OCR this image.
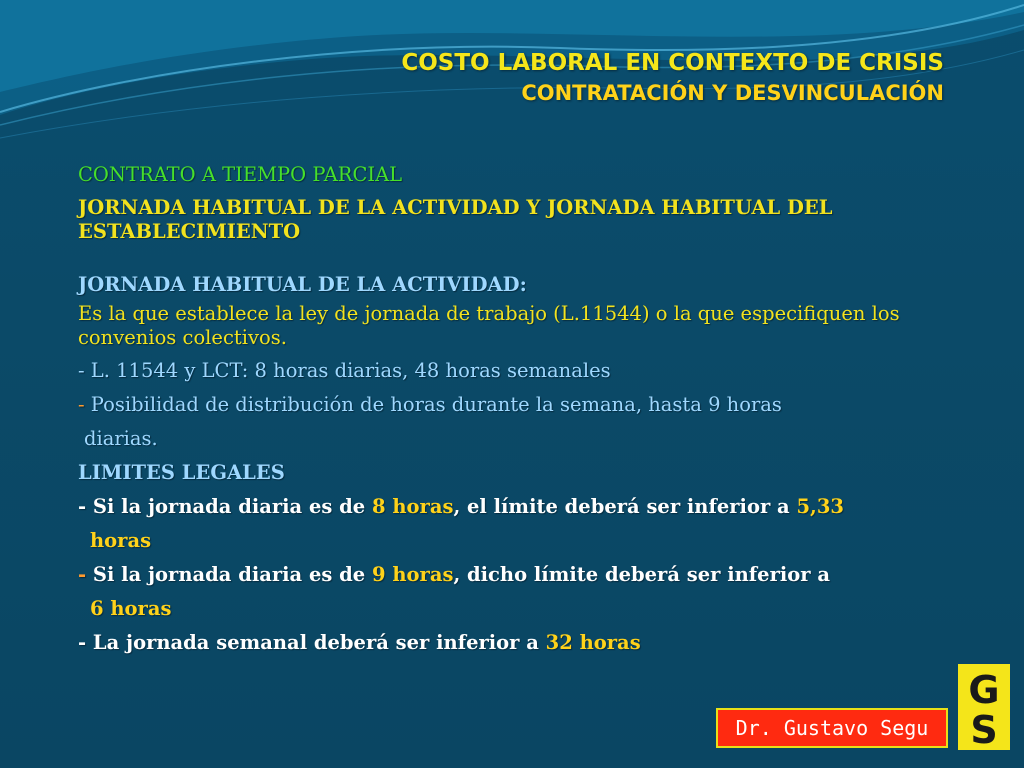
COSTO LABORAL EN CONTEXTO DE CRISIS
CONTRATACIÓN Y DESVINCULACIÓN

CONTRATO A TIEMPO PARCIAL

JORNADA HABITUAL DE LA ACTIVIDAD Y JORNADA HABITUAL DEL ESTABLECIMIENTO

JORNADA HABITUAL DE LA ACTIVIDAD:

Es la que establece la ley de jornada de trabajo (L.11544) o la que especifiquen los convenios colectivos.

- L. 11544 y LCT: 8 horas diarias, 48 horas semanales

- Posibilidad de distribución de horas durante la semana, hasta 9 horas

diarias.

LIMITES LEGALES

- Si la jornada diaria es de 8 horas, el límite deberá ser inferior a 5,33

horas

- Si la jornada diaria es de 9 horas, dicho límite deberá ser inferior a

6 horas

- La jornada semanal deberá ser inferior a 32 horas

Dr. Gustavo Segu
G
S
